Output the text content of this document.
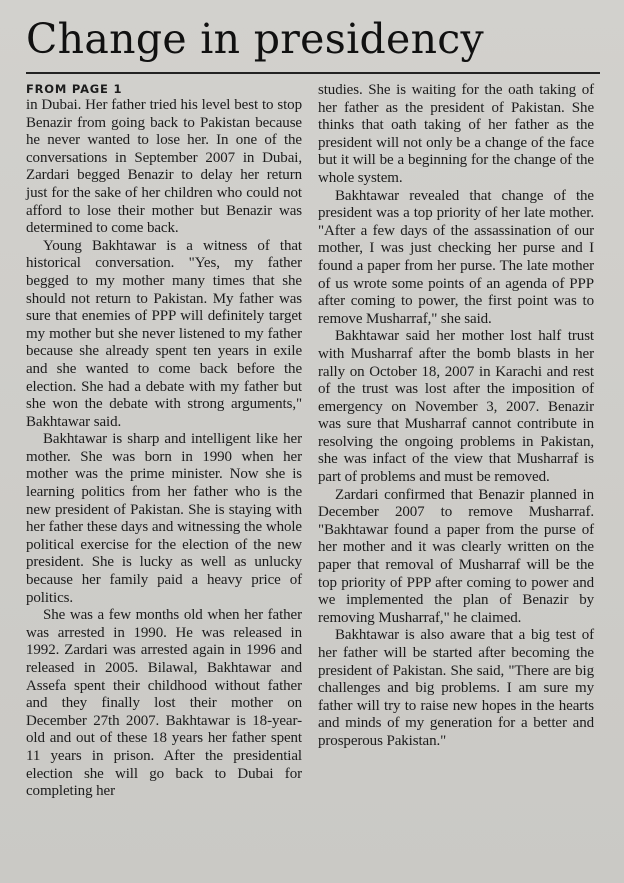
Change in presidency
FROM PAGE 1

in Dubai. Her father tried his level best to stop Benazir from going back to Pakistan because he never wanted to lose her. In one of the conversations in September 2007 in Dubai, Zardari begged Benazir to delay her return just for the sake of her children who could not afford to lose their mother but Benazir was determined to come back.

Young Bakhtawar is a witness of that historical conversation. "Yes, my father begged to my mother many times that she should not return to Pakistan. My father was sure that enemies of PPP will definitely target my mother but she never listened to my father because she already spent ten years in exile and she wanted to come back before the election. She had a debate with my father but she won the debate with strong arguments," Bakhtawar said.

Bakhtawar is sharp and intelligent like her mother. She was born in 1990 when her mother was the prime minister. Now she is learning politics from her father who is the new president of Pakistan. She is staying with her father these days and witnessing the whole political exercise for the election of the new president. She is lucky as well as unlucky because her family paid a heavy price of politics.

She was a few months old when her father was arrested in 1990. He was released in 1992. Zardari was arrested again in 1996 and released in 2005. Bilawal, Bakhtawar and Assefa spent their childhood without father and they finally lost their mother on December 27th 2007. Bakhtawar is 18-year-old and out of these 18 years her father spent 11 years in prison. After the presidential election she will go back to Dubai for completing her

studies. She is waiting for the oath taking of her father as the president of Pakistan. She thinks that oath taking of her father as the president will not only be a change of the face but it will be a beginning for the change of the whole system.

Bakhtawar revealed that change of the president was a top priority of her late mother. "After a few days of the assassination of our mother, I was just checking her purse and I found a paper from her purse. The late mother of us wrote some points of an agenda of PPP after coming to power, the first point was to remove Musharraf," she said.

Bakhtawar said her mother lost half trust with Musharraf after the bomb blasts in her rally on October 18, 2007 in Karachi and rest of the trust was lost after the imposition of emergency on November 3, 2007. Benazir was sure that Musharraf cannot contribute in resolving the ongoing problems in Pakistan, she was infact of the view that Musharraf is part of problems and must be removed.

Zardari confirmed that Benazir planned in December 2007 to remove Musharraf. "Bakhtawar found a paper from the purse of her mother and it was clearly written on the paper that removal of Musharraf will be the top priority of PPP after coming to power and we implemented the plan of Benazir by removing Musharraf," he claimed.

Bakhtawar is also aware that a big test of her father will be started after becoming the president of Pakistan. She said, "There are big challenges and big problems. I am sure my father will try to raise new hopes in the hearts and minds of my generation for a better and prosperous Pakistan."
